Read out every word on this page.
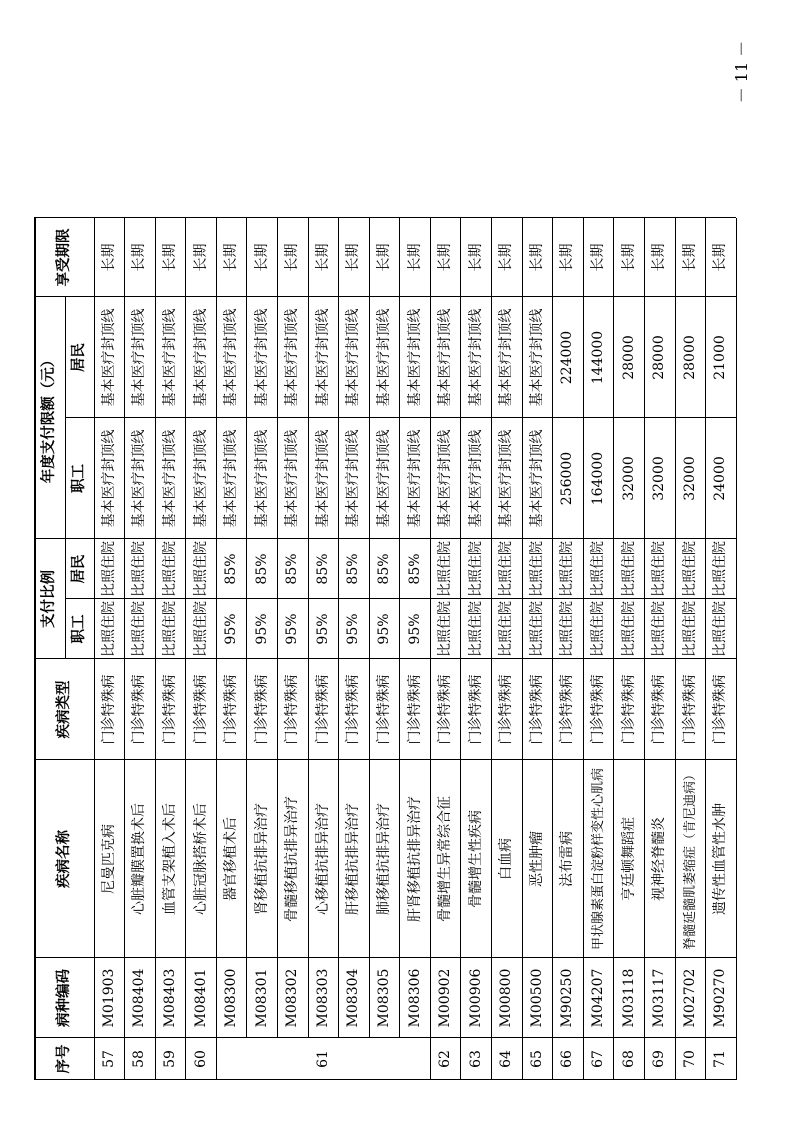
序号
病种编码
疾病名称
疾病类型
支付比例
职工
居民
年度支付限额（元） 职工
居民
享受期限
57
M01903
尼曼匹克病
门诊特殊病
比照住院
比照住院
基本医疗封顶线
基本医疗封顶线
长期
58
M08404
心脏瓣膜置换术后
门诊特殊病
比照住院
比照住院
基本医疗封顶线
基本医疗封顶线
长期
59
M08403
血管支架植入术后
门诊特殊病
比照住院
比照住院
基本医疗封顶线
基本医疗封顶线
长期
60
M08401
心脏冠脉搭桥术后
门诊特殊病
比照住院
比照住院
基本医疗封顶线
基本医疗封顶线
长期
M08300
器官移植术后
门诊特殊病
95%
85%
基本医疗封顶线
基本医疗封顶线
长期
M08301
肾移植抗排异治疗
门诊特殊病
95%
85%
基本医疗封顶线
基本医疗封顶线
长期
M08302
骨髓移植抗排异治疗
门诊特殊病
95%
85%
基本医疗封顶线
基本医疗封顶线
长期
61
M08303
心移植抗排异治疗
门诊特殊病
95%
85%
基本医疗封顶线
基本医疗封顶线
长期
M08304
肝移植抗排异治疗
门诊特殊病
95%
85%
基本医疗封顶线
基本医疗封顶线
长期
M08305
肺移植抗排异治疗
门诊特殊病
95%
85%
基本医疗封顶线
基本医疗封顶线
长期
M08306
肝肾移植抗排异治疗
门诊特殊病
95%
85%
基本医疗封顶线
基本医疗封顶线
长期
62
M00902
骨髓增生异常综合征
门诊特殊病
比照住院
比照住院
基本医疗封顶线
基本医疗封顶线
长期
63
M00906
骨髓增生性疾病
门诊特殊病
比照住院
比照住院
基本医疗封顶线
基本医疗封顶线
长期
64
M00800
白血病
门诊特殊病
比照住院
比照住院
基本医疗封顶线
基本医疗封顶线
长期
65
M00500
恶性肿瘤
门诊特殊病
比照住院
比照住院
基本医疗封顶线
基本医疗封顶线
长期
66
M90250
法布雷病
门诊特殊病
比照住院
比照住院
256000
224000
长期
67
M04207
甲状腺素蛋白淀粉样变性心肌病
门诊特殊病
比照住院
比照住院
164000
144000
长期
68
M03118
亨廷顿舞蹈症
门诊特殊病
比照住院
比照住院
32000
28000
长期
69
M03117
视神经脊髓炎
门诊特殊病
比照住院
比照住院
32000
28000
长期
70
M02702
脊髓延髓肌萎缩症（肯尼迪病）
门诊特殊病
比照住院
比照住院
32000
28000
长期
71
M90270
遗传性血管性水肿
门诊特殊病
比照住院
比照住院
24000
21000
长期
－ 11 －
